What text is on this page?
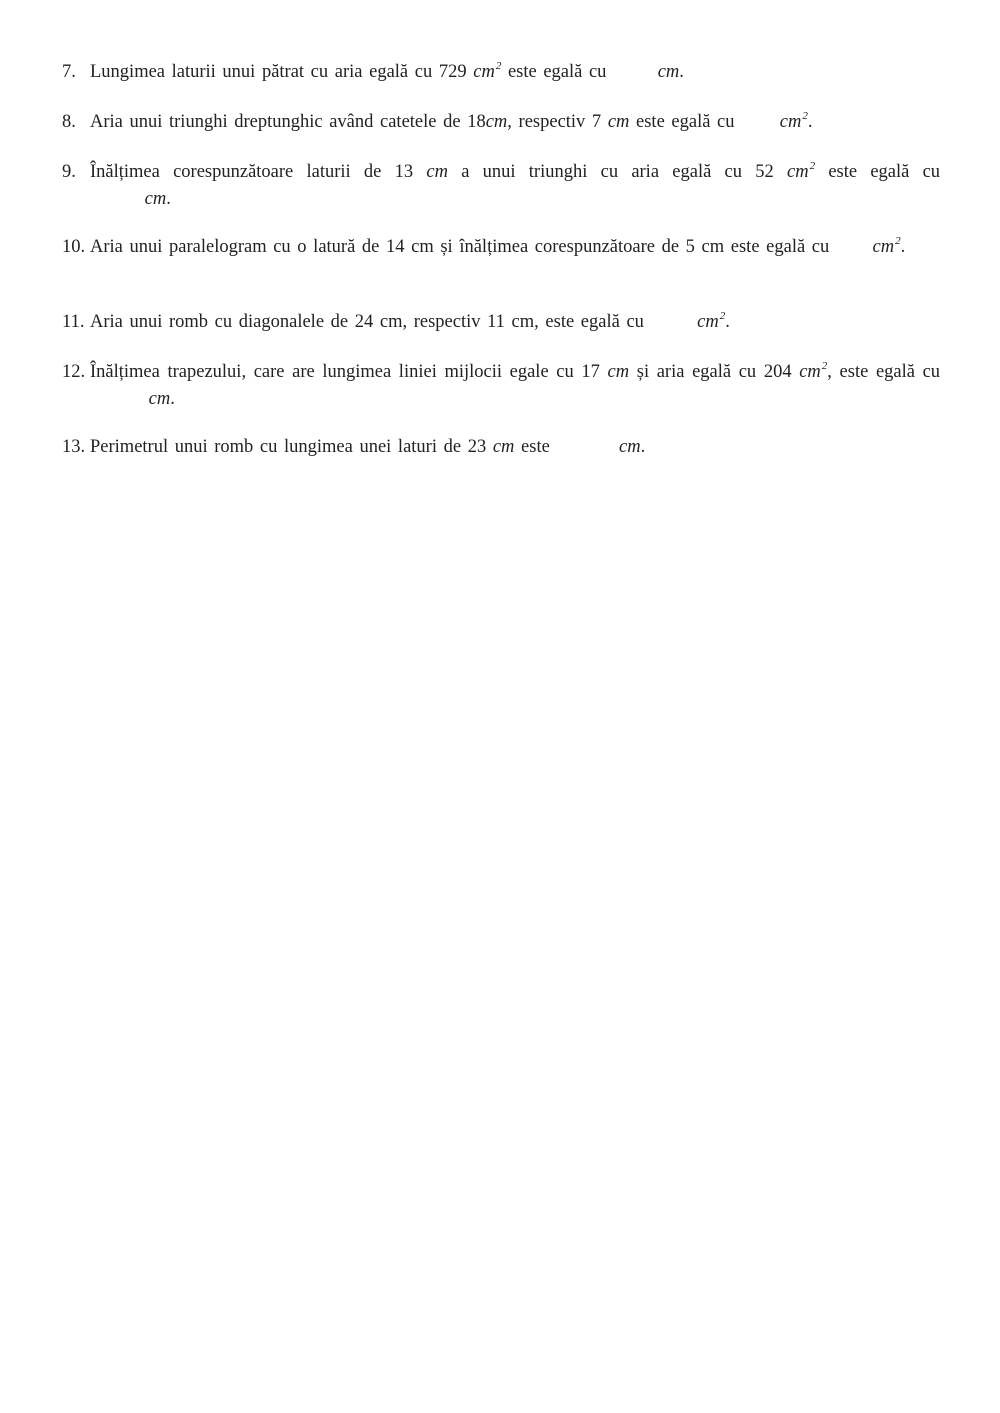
7. Lungimea laturii unui pătrat cu aria egală cu 729 $cm^2$ este egală cu	cm.
8. Aria unui triunghi dreptunghic având catetele de 18cm, respectiv 7 cm este egală cu $cm^2$.
9. Înălțimea corespunzătoare laturii de 13 cm a unui triunghi cu aria egală cu 52 $cm^2$ este egală cu
cm.
10. Aria unui paralelogram cu o latură de 14 cm și înălțimea corespunzătoare de 5 cm este egală cu $cm^2$.
11. Aria unui romb cu diagonalele de 24 cm, respectiv 11 cm, este egală cu	$cm^2$.
12. Înălțimea trapezului, care are lungimea liniei mijlocii egale cu 17 cm și aria egală cu 204 $cm^2$, este egală cu  cm.
13. Perimetrul unui romb cu lungimea unei laturi de 23 cm este	cm.
